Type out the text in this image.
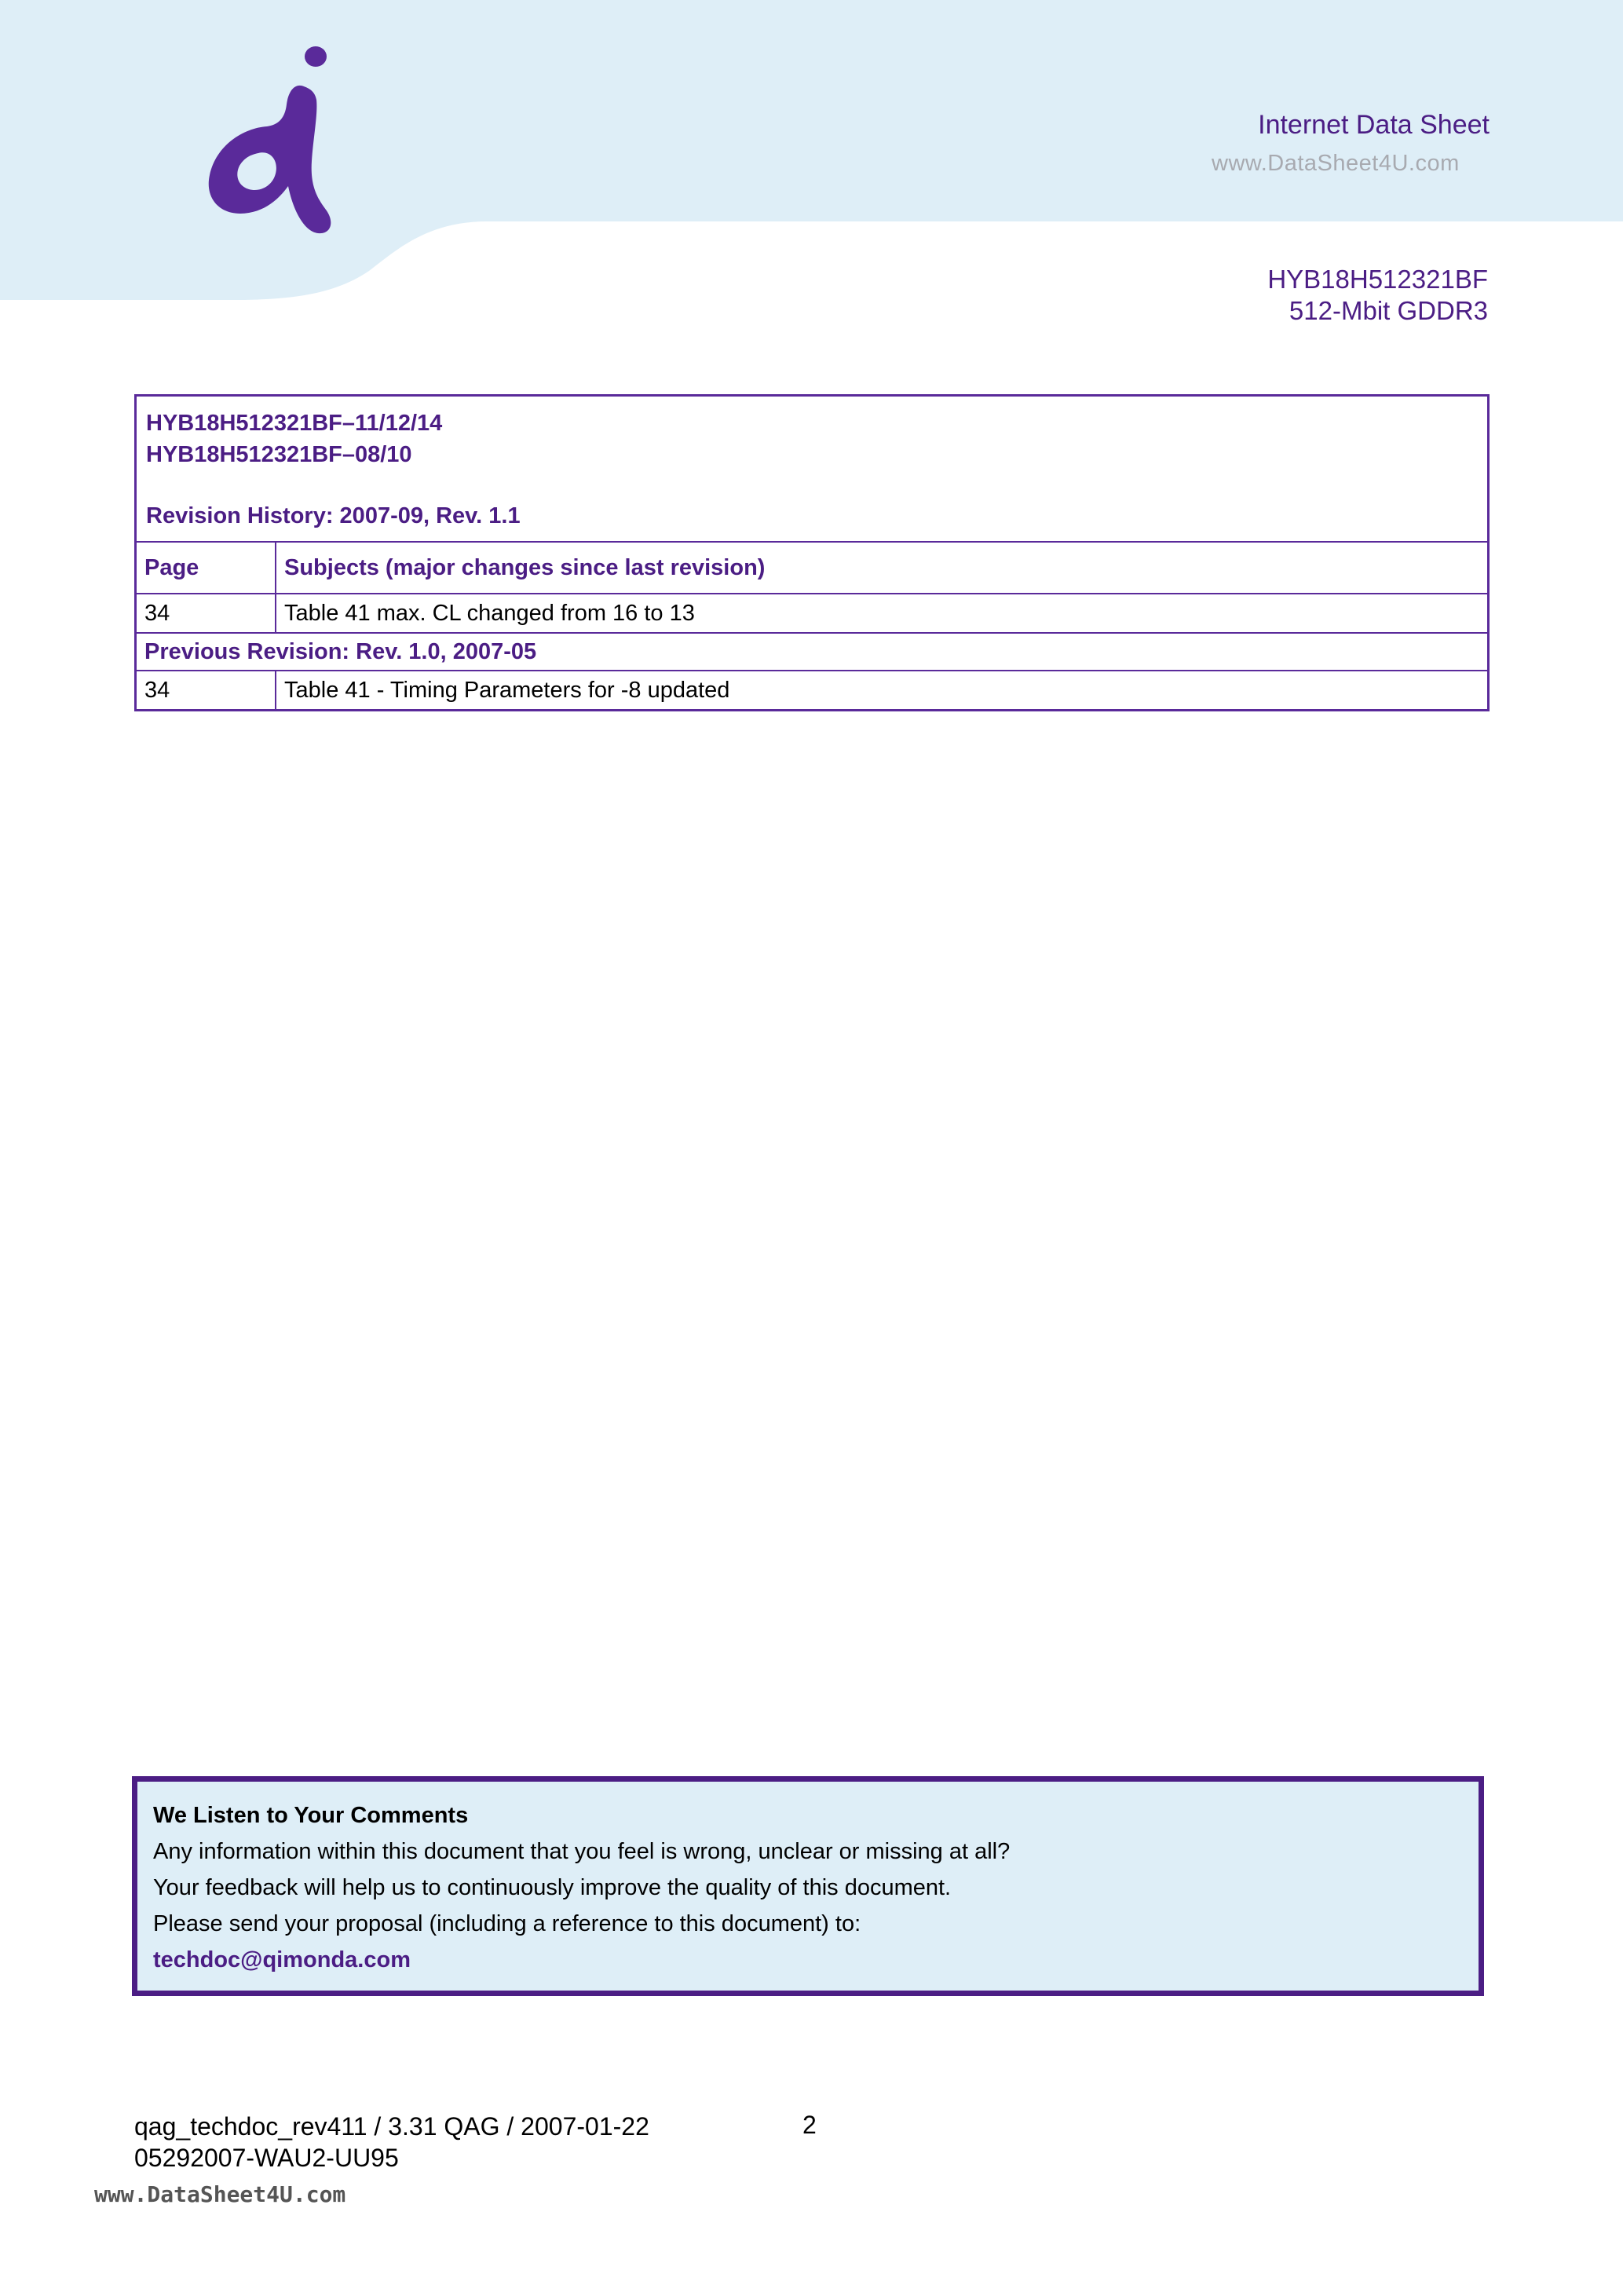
Internet Data Sheet
www.DataSheet4U.com
HYB18H512321BF
512-Mbit GDDR3
HYB18H512321BF–11/12/14
HYB18H512321BF–08/10
Revision History: 2007-09, Rev. 1.1	

Page	Subjects (major changes since last revision)
34	Table 41 max. CL changed from 16 to 13
Previous Revision: Rev. 1.0, 2007-05	
34	Table 41 - Timing Parameters for -8 updated
We Listen to Your Comments
Any information within this document that you feel is wrong, unclear or missing at all?
Your feedback will help us to continuously improve the quality of this document.
Please send your proposal (including a reference to this document) to:
techdoc@qimonda.com
qag_techdoc_rev411 / 3.31 QAG / 2007-01-22
05292007-WAU2-UU95
2
www.DataSheet4U.com
